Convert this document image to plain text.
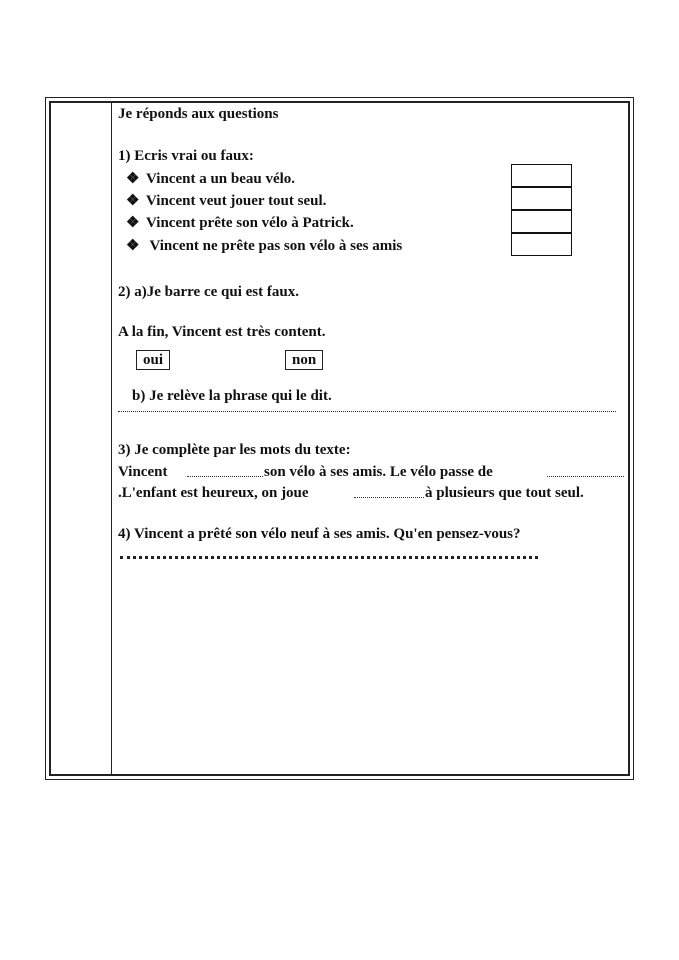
Je réponds aux questions
1) Ecris vrai ou faux:
❖ Vincent a un beau vélo.
❖ Vincent veut jouer tout seul.
❖ Vincent prête son vélo à Patrick.
❖ Vincent ne prête pas son vélo à ses amis
2) a)Je barre ce qui est faux.
A la fin, Vincent est très content.
oui	non
b) Je relève la phrase qui le dit.
3) Je complète par les mots du texte:
Vincent	son vélo à ses amis. Le vélo passe de
.L'enfant est heureux, on joue	à plusieurs que tout seul.
4) Vincent a prêté son vélo neuf à ses amis. Qu'en pensez-vous?
